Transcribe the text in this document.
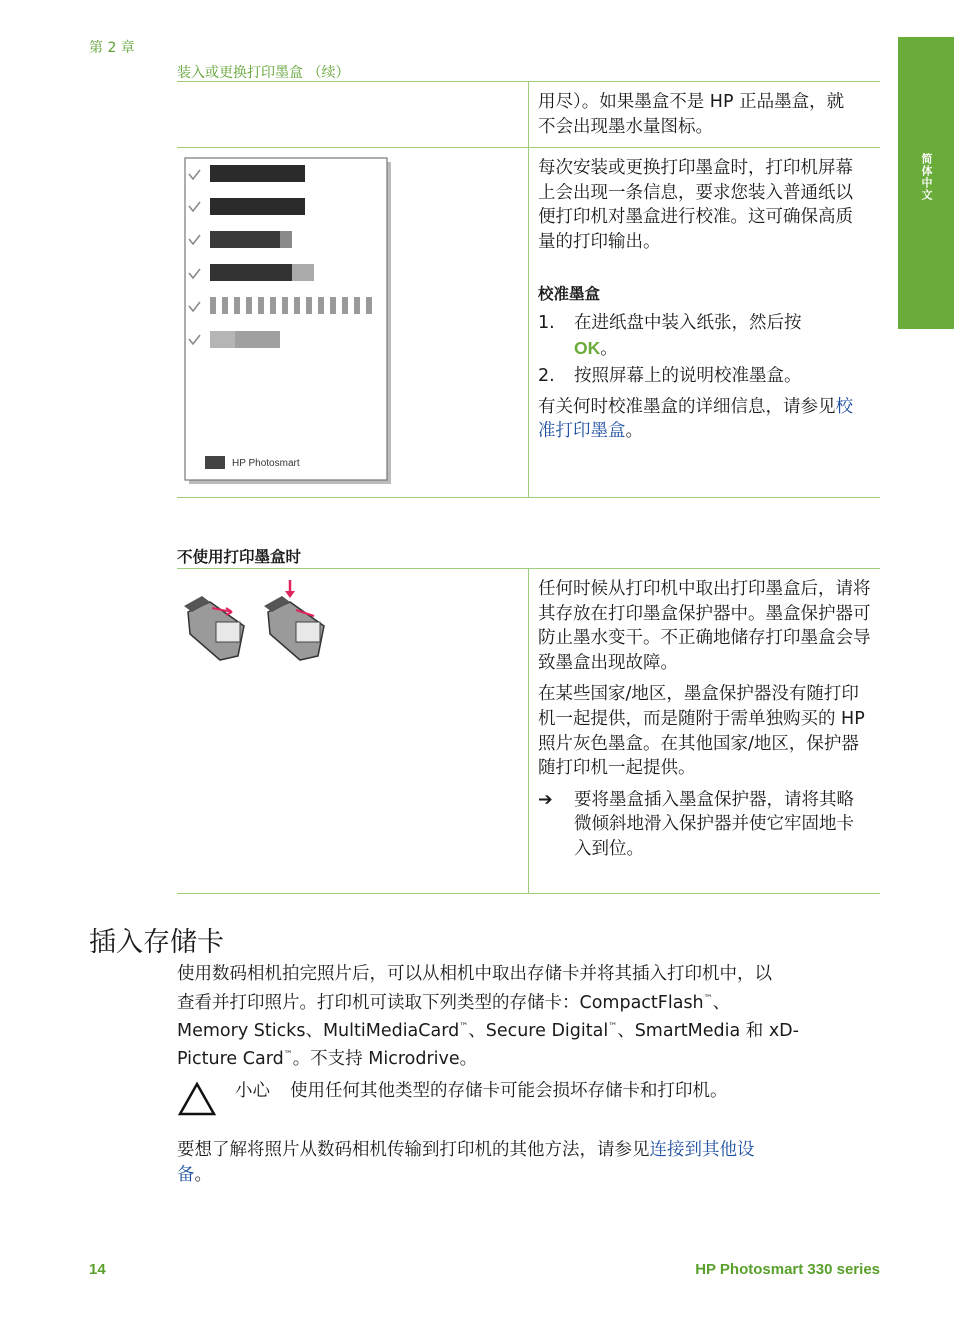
第 2 章
装入或更换打印墨盒 （续）
简体中文
用尽）。如果墨盒不是 HP 正品墨盒，就不会出现墨水量图标。
HP Photosmart

每次安装或更换打印墨盒时，打印机屏幕上会出现一条信息，要求您装入普通纸以便打印机对墨盒进行校准。这可确保高质量的打印输出。

校准墨盒

1.	在进纸盘中装入纸张，然后按
OK。
2.	按照屏幕上的说明校准墨盒。

有关何时校准墨盒的详细信息，请参见校准打印墨盒。

不使用打印墨盒时

任何时候从打印机中取出打印墨盒后，请将其存放在打印墨盒保护器中。墨盒保护器可防止墨水变干。不正确地储存打印墨盒会导致墨盒出现故障。

在某些国家/地区，墨盒保护器没有随打印机一起提供，而是随附于需单独购买的 HP 照片灰色墨盒。在其他国家/地区，保护器随打印机一起提供。

➔	要将墨盒插入墨盒保护器，请将其略微倾斜地滑入保护器并使它牢固地卡入到位。
插入存储卡
使用数码相机拍完照片后，可以从相机中取出存储卡并将其插入打印机中，以
查看并打印照片。打印机可读取下列类型的存储卡：CompactFlash™、
Memory Sticks、MultiMediaCard™、Secure Digital™、SmartMedia 和 xD-
Picture Card™。不支持 Microdrive。
小心 使用任何其他类型的存储卡可能会损坏存储卡和打印机。
要想了解将照片从数码相机传输到打印机的其他方法，请参见连接到其他设
备。
14	HP Photosmart 330 series
